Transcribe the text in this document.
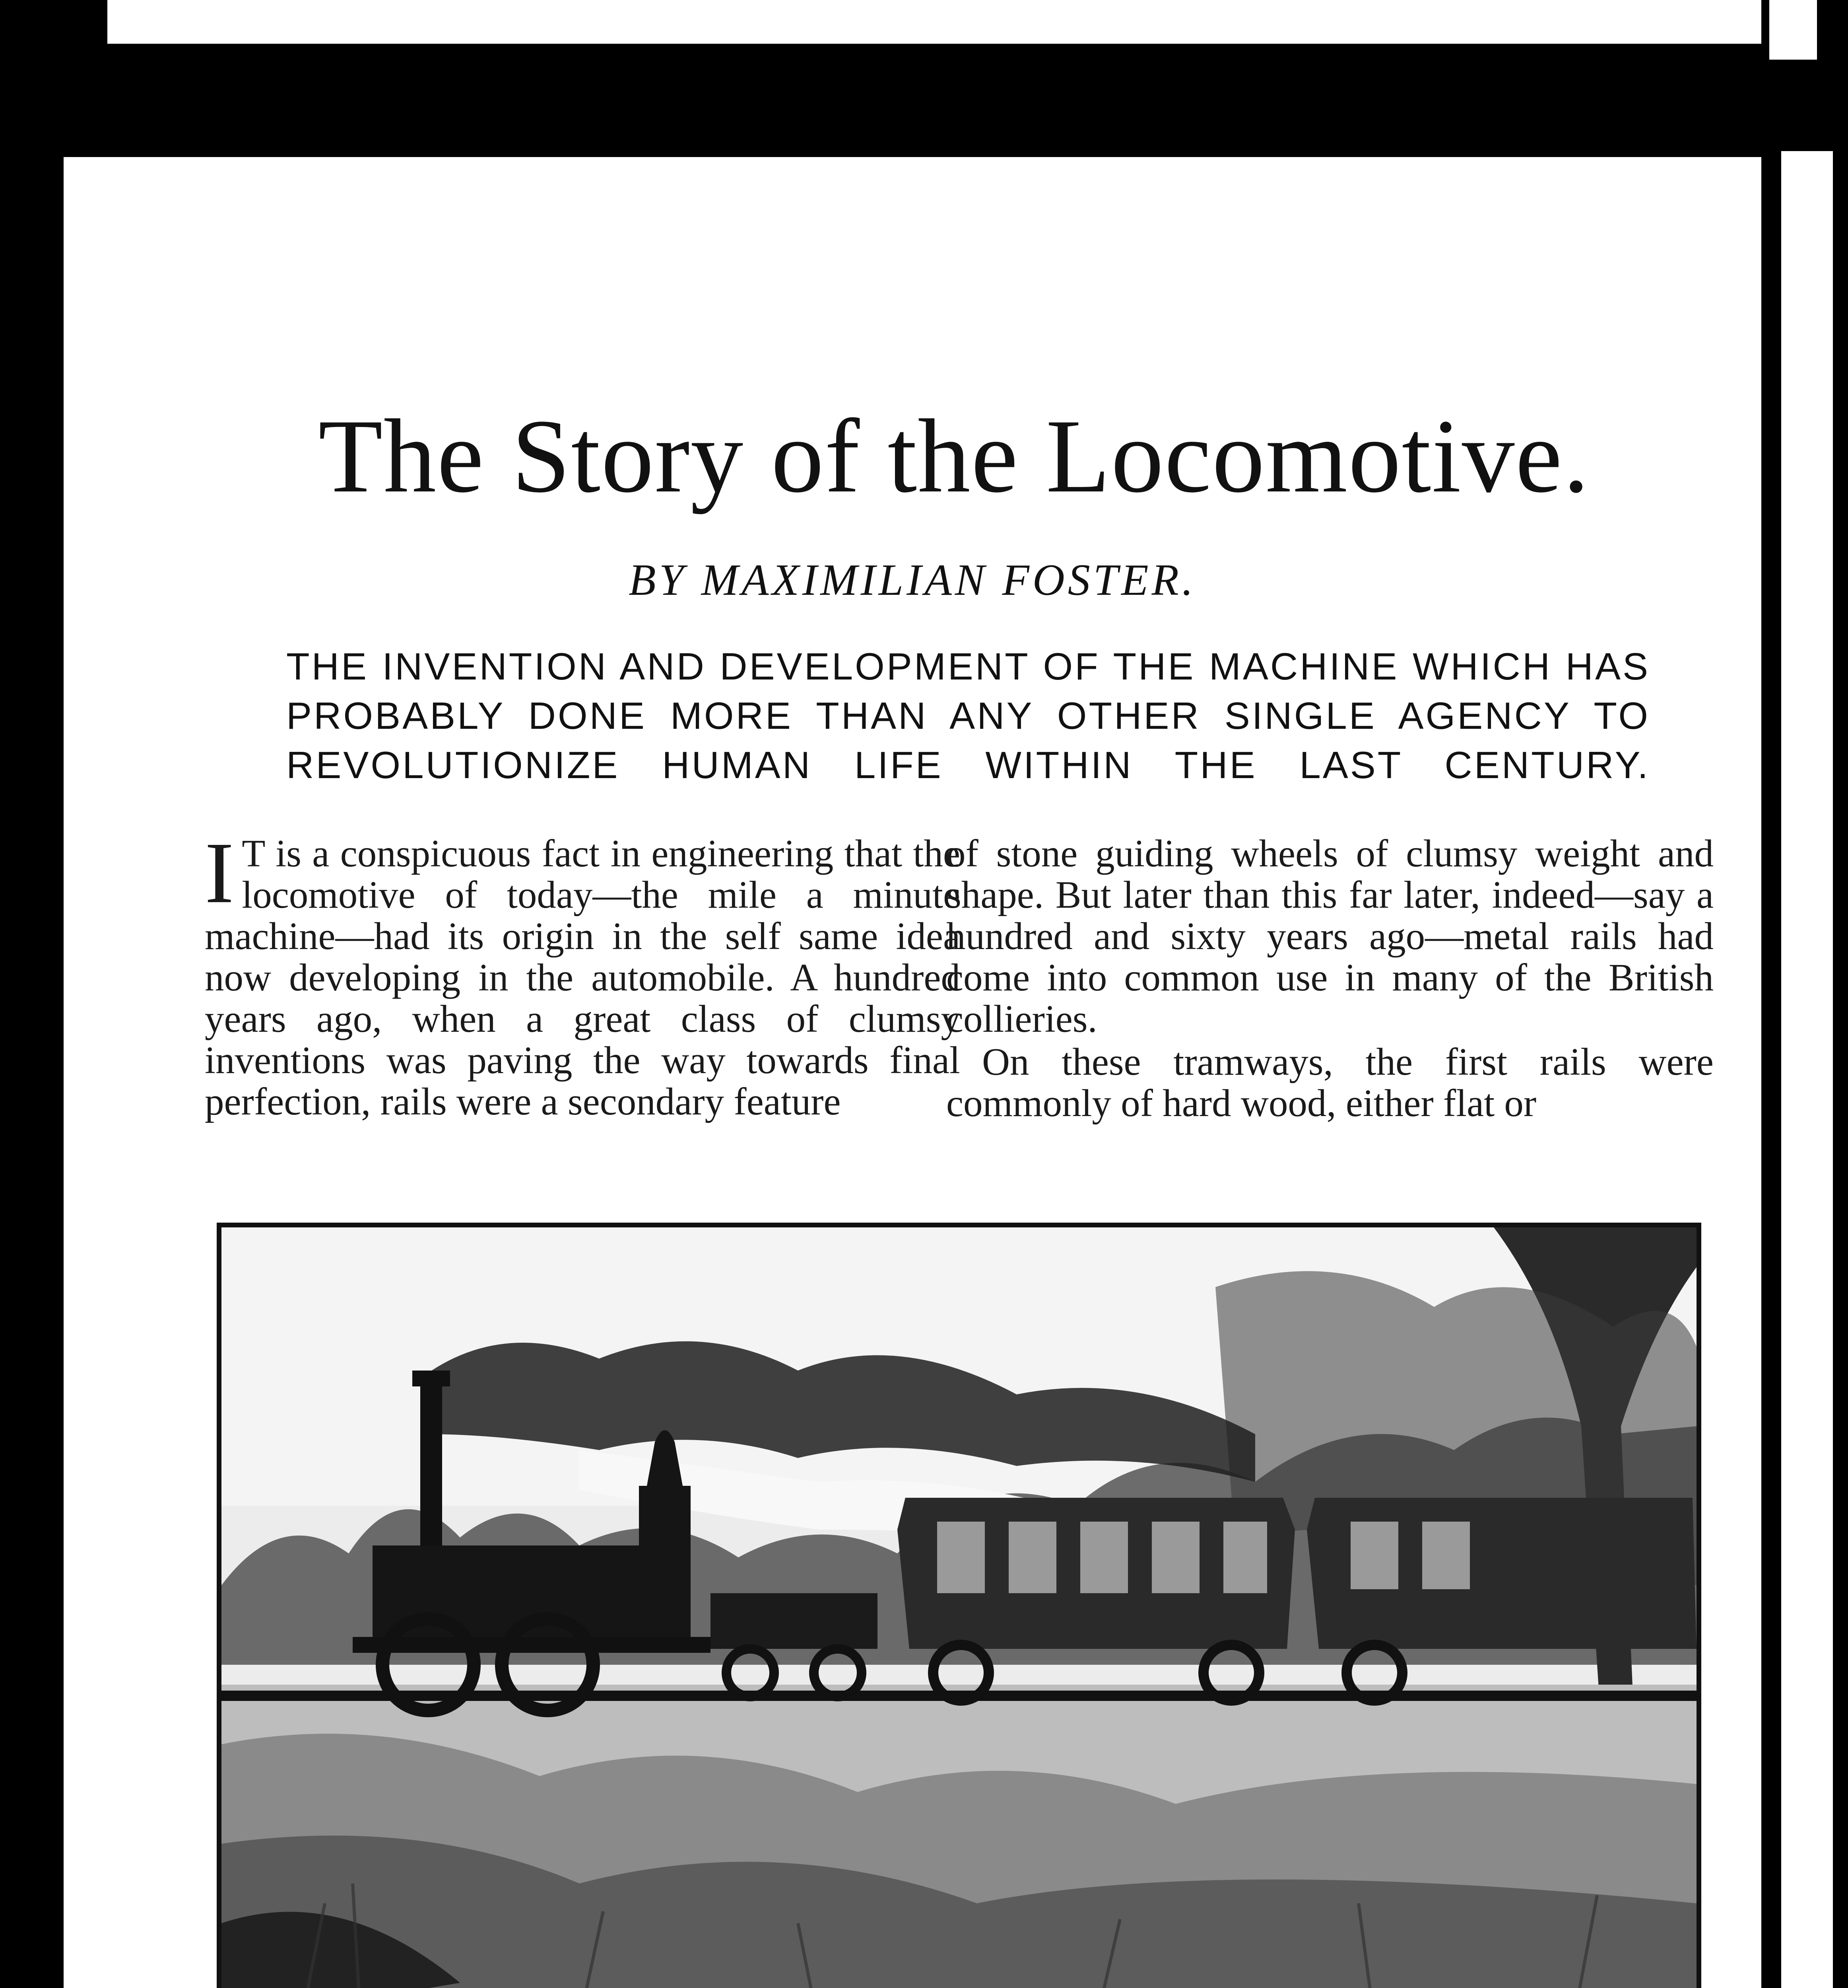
The Story of the Locomotive.
BY MAXIMILIAN FOSTER.
THE INVENTION AND DEVELOPMENT OF THE MACHINE WHICH HAS PROBABLY DONE MORE THAN ANY OTHER SINGLE AGENCY TO REVOLUTIONIZE HUMAN LIFE WITHIN THE LAST CENTURY.

I T is a conspicuous fact in engineering that the locomotive of today—the mile a minute machine—had its origin in the self same idea now developing in the automobile. A hundred years ago, when a great class of clumsy inventions was paving the way towards final perfection, rails were a secondary feature

of stone guiding wheels of clumsy weight and shape. But later than this far later, indeed—say a hundred and sixty years ago—metal rails had come into common use in many of the British collieries.

On these tramways, the first rails were commonly of hard wood, either flat or
